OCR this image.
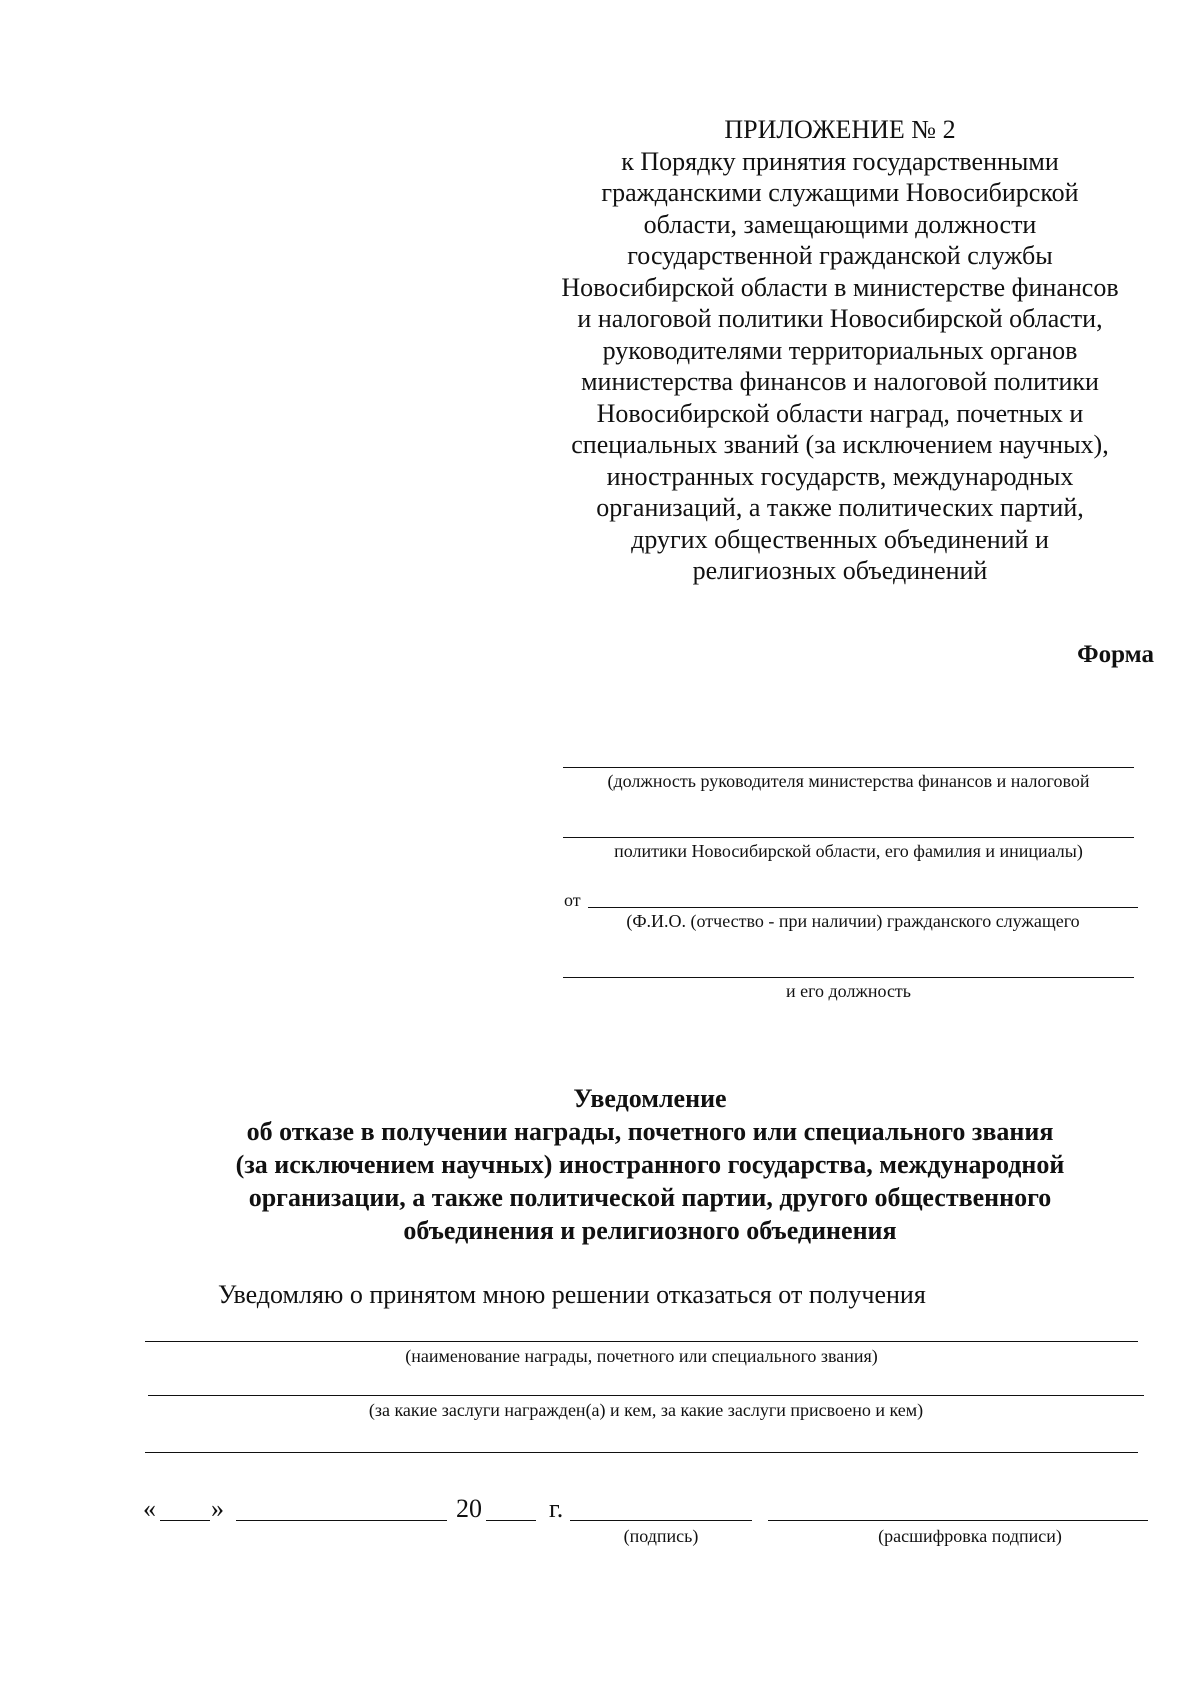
ПРИЛОЖЕНИЕ № 2
к Порядку принятия государственными
гражданскими служащими Новосибирской
области, замещающими должности
государственной гражданской службы
Новосибирской области в министерстве финансов
и налоговой политики Новосибирской области,
руководителями территориальных органов
министерства финансов и налоговой политики
Новосибирской области наград, почетных и
специальных званий (за исключением научных),
иностранных государств, международных
организаций, а также политических партий,
других общественных объединений и
религиозных объединений
Форма
(должность руководителя министерства финансов и налоговой
политики Новосибирской области, его фамилия и инициалы)
от
(Ф.И.О. (отчество - при наличии) гражданского служащего
и его должность
Уведомление
об отказе в получении награды, почетного или специального звания
(за исключением научных) иностранного государства, международной
организации, а также политической партии, другого общественного
объединения и религиозного объединения
Уведомляю о принятом мною решении отказаться от получения
(наименование награды, почетного или специального звания)
(за какие заслуги награжден(а) и кем, за какие заслуги присвоено и кем)
« »	20	г.
(подпись)	(расшифровка подписи)
